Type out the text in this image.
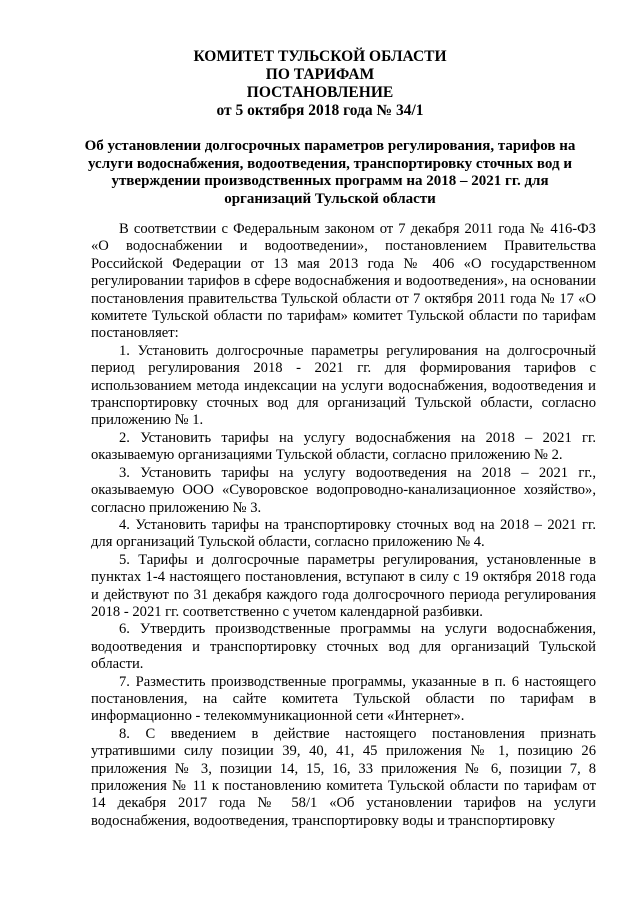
КОМИТЕТ ТУЛЬСКОЙ ОБЛАСТИ
ПО ТАРИФАМ
ПОСТАНОВЛЕНИЕ
от 5 октября 2018 года № 34/1
Об установлении долгосрочных параметров регулирования, тарифов на услуги водоснабжения, водоотведения, транспортировку сточных вод и утверждении производственных программ на 2018 – 2021 гг. для организаций Тульской области

В соответствии с Федеральным законом от 7 декабря 2011 года № 416-ФЗ «О водоснабжении и водоотведении», постановлением Правительства Российской Федерации от 13 мая 2013 года № 406 «О государственном регулировании тарифов в сфере водоснабжения и водоотведения», на основании постановления правительства Тульской области от 7 октября 2011 года № 17 «О комитете Тульской области по тарифам» комитет Тульской области по тарифам постановляет:

1. Установить долгосрочные параметры регулирования на долгосрочный период регулирования 2018 - 2021 гг. для формирования тарифов с использованием метода индексации на услуги водоснабжения, водоотведения и транспортировку сточных вод для организаций Тульской области, согласно приложению № 1.

2. Установить тарифы на услугу водоснабжения на 2018 – 2021 гг. оказываемую организациями Тульской области, согласно приложению № 2.

3. Установить тарифы на услугу водоотведения на 2018 – 2021 гг., оказываемую ООО «Суворовское водопроводно-канализационное хозяйство», согласно приложению № 3.

4. Установить тарифы на транспортировку сточных вод на 2018 – 2021 гг. для организаций Тульской области, согласно приложению № 4.

5. Тарифы и долгосрочные параметры регулирования, установленные в пунктах 1-4 настоящего постановления, вступают в силу с 19 октября 2018 года и действуют по 31 декабря каждого года долгосрочного периода регулирования 2018 - 2021 гг. соответственно с учетом календарной разбивки.

6. Утвердить производственные программы на услуги водоснабжения, водоотведения и транспортировку сточных вод для организаций Тульской области.

7. Разместить производственные программы, указанные в п. 6 настоящего постановления, на сайте комитета Тульской области по тарифам в информационно - телекоммуникационной сети «Интернет».

8. С введением в действие настоящего постановления признать утратившими силу позиции 39, 40, 41, 45 приложения № 1, позицию 26 приложения № 3, позиции 14, 15, 16, 33 приложения № 6, позиции 7, 8 приложения № 11 к постановлению комитета Тульской области по тарифам от 14 декабря 2017 года № 58/1 «Об установлении тарифов на услуги водоснабжения, водоотведения, транспортировку воды и транспортировку
